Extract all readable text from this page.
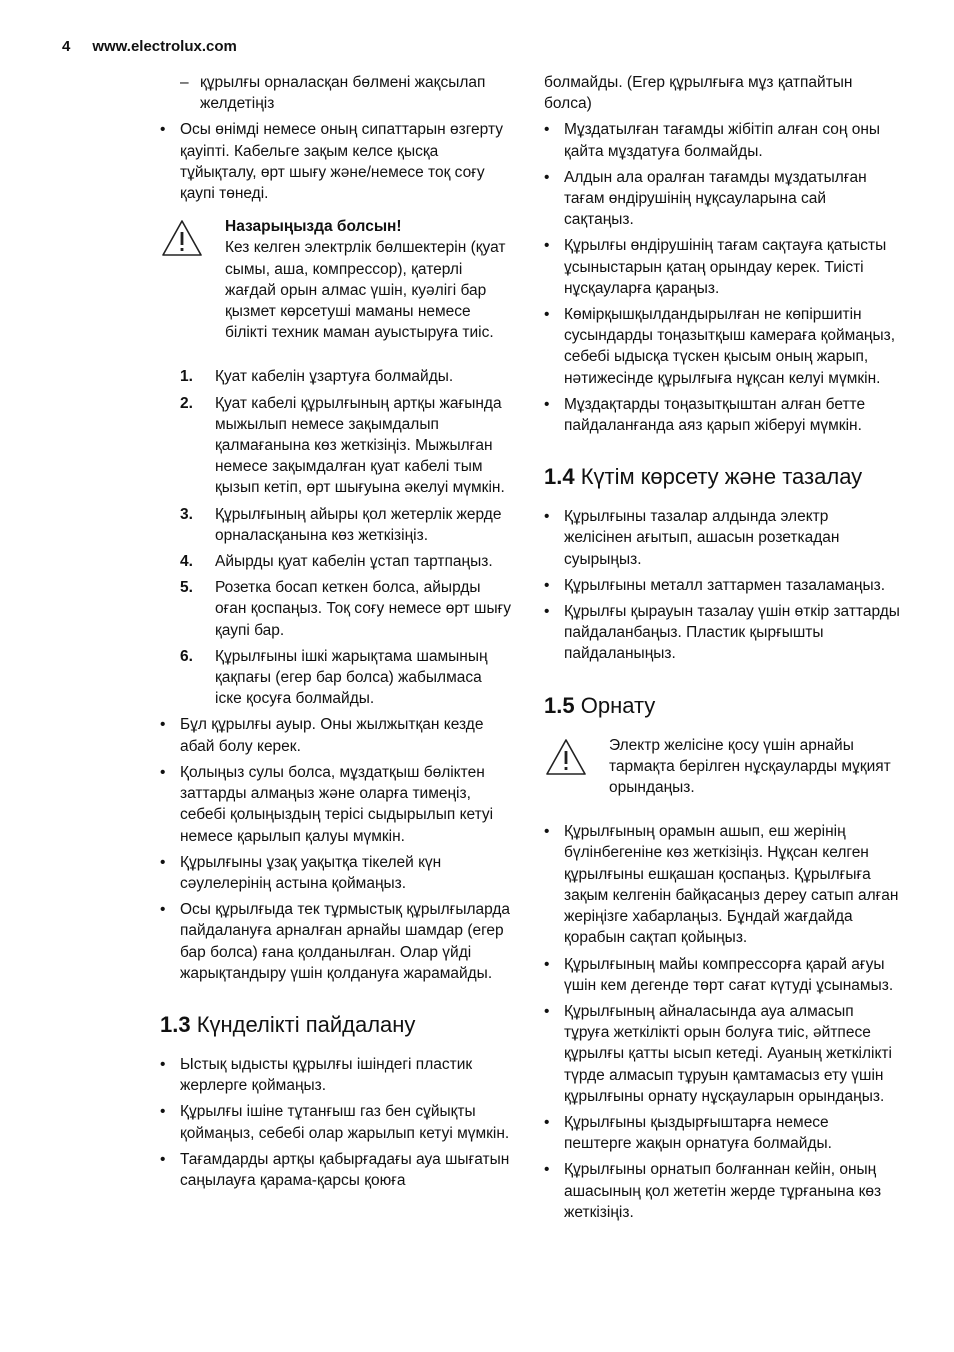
4 www.electrolux.com
– құрылғы орналасқан бөлмені жақсылап желдетіңіз
• Осы өнімді немесе оның сипаттарын өзгерту қауіпті. Кабельге зақым келсе қысқа тұйықталу, өрт шығу және/немесе тоқ соғу қаупі төнеді.
Назарыңызда болсын!
Кез келген электрлік бөлшектерін (қуат сымы, аша, компрессор), қатерлі жағдай орын алмас үшін, куәлігі бар қызмет көрсетуші маманы немесе білікті техник маман ауыстыруға тиіс.
1. Қуат кабелін ұзартуға болмайды.
2. Қуат кабелі құрылғының артқы жағында мыжылып немесе зақымдалып қалмағанына көз жеткізіңіз. Мыжылған немесе зақымдалған қуат кабелі тым қызып кетіп, өрт шығуына әкелуі мүмкін.
3. Құрылғының айыры қол жетерлік жерде орналасқанына көз жеткізіңіз.
4. Айырды қуат кабелін ұстап тартпаңыз.
5. Розетка босап кеткен болса, айырды оған қоспаңыз. Тоқ соғу немесе өрт шығу қаупі бар.
6. Құрылғыны ішкі жарықтама шамының қақпағы (егер бар болса) жабылмаса іске қосуға болмайды.
• Бұл құрылғы ауыр. Оны жылжытқан кезде абай болу керек.
• Қолыңыз сулы болса, мұздатқыш бөліктен заттарды алмаңыз және оларға тимеңіз, себебі қолыңыздың терісі сыдырылып кетуі немесе қарылып қалуы мүмкін.
• Құрылғыны ұзақ уақытқа тікелей күн сәулелерінің астына қоймаңыз.
• Осы құрылғыда тек тұрмыстық құрылғыларда пайдалануға арналған арнайы шамдар (егер бар болса) ғана қолданылған. Олар үйді жарықтандыру үшін қолдануға жарамайды.
1.3 Күнделікті пайдалану
• Ыстық ыдысты құрылғы ішіндегі пластик жерлерге қоймаңыз.
• Құрылғы ішіне тұтанғыш газ бен сұйықты қоймаңыз, себебі олар жарылып кетуі мүмкін.
• Тағамдарды артқы қабырғадағы ауа шығатын саңылауға қарама-қарсы қоюға
болмайды. (Егер құрылғыға мұз қатпайтын болса)
• Мұздатылған тағамды жібітіп алған соң оны қайта мұздатуға болмайды.
• Алдын ала оралған тағамды мұздатылған тағам өндірушінің нұқсауларына сай сақтаңыз.
• Құрылғы өндірушінің тағам сақтауға қатысты ұсыныстарын қатаң орындау керек. Тиісті нұсқауларға қараңыз.
• Көмірқышқылдандырылған не көпіршитін сусындарды тоңазытқыш камераға қоймаңыз, себебі ыдысқа түскен қысым оның жарып, нәтижесінде құрылғыға нұқсан келуі мүмкін.
• Мұздақтарды тоңазытқыштан алған бетте пайдаланғанда аяз қарып жіберуі мүмкін.
1.4 Күтім көрсету және тазалау
• Құрылғыны тазалар алдында электр желісінен ағытып, ашасын розеткадан суырыңыз.
• Құрылғыны металл заттармен тазаламаңыз.
• Құрылғы қырауын тазалау үшін өткір заттарды пайдаланбаңыз. Пластик қырғышты пайдаланыңыз.
1.5 Орнату
Электр желісіне қосу үшін арнайы тармақта берілген нұсқауларды мұқият орындаңыз.
• Құрылғының орамын ашып, еш жерінің бүлінбегеніне көз жеткізіңіз. Нұқсан келген құрылғыны ешқашан қоспаңыз. Құрылғыға зақым келгенін байқасаңыз дереу сатып алған жеріңізге хабарлаңыз. Бұндай жағдайда қорабын сақтап қойыңыз.
• Құрылғының майы компрессорға қарай ағуы үшін кем дегенде төрт сағат күтуді ұсынамыз.
• Құрылғының айналасында ауа алмасып тұруға жеткілікті орын болуға тиіс, әйтпесе құрылғы қатты ысып кетеді. Ауаның жеткілікті түрде алмасып тұруын қамтамасыз ету үшін құрылғыны орнату нұсқауларын орындаңыз.
• Құрылғыны қыздырғыштарға немесе пештерге жақын орнатуға болмайды.
• Құрылғыны орнатып болғаннан кейін, оның ашасының қол жететін жерде тұрғанына көз жеткізіңіз.
